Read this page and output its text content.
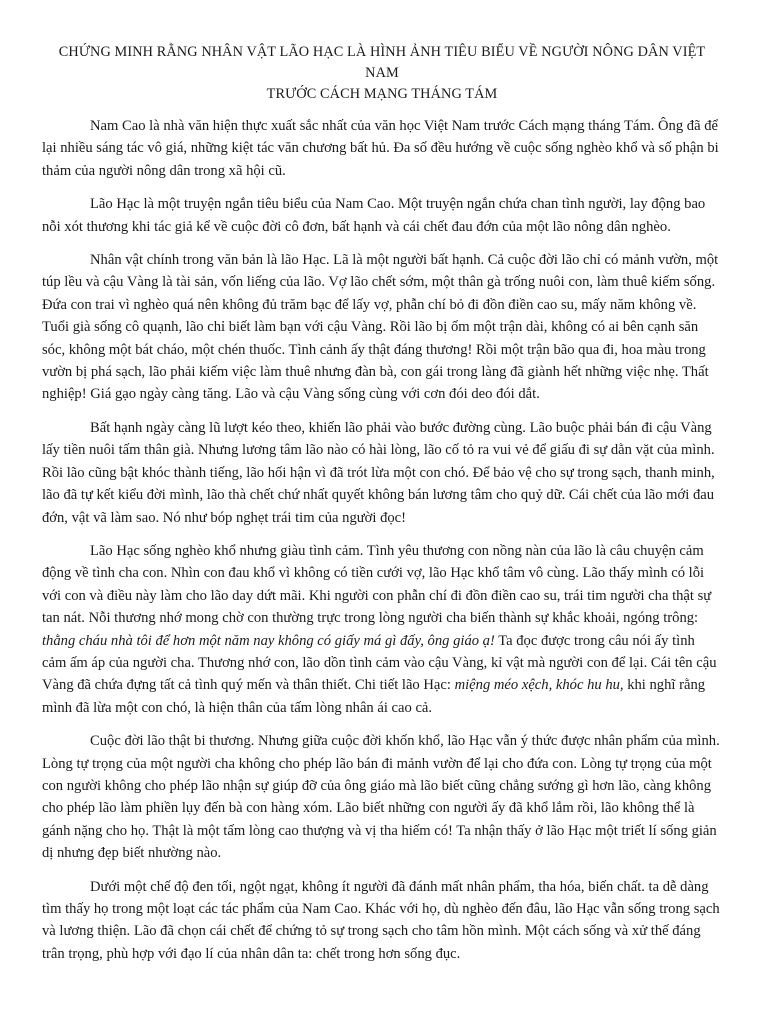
CHỨNG MINH RẰNG NHÂN VẬT LÃO HẠC LÀ HÌNH ẢNH TIÊU BIỂU VỀ NGƯỜI NÔNG DÂN VIỆT NAM
TRƯỚC CÁCH MẠNG THÁNG TÁM

Nam Cao là nhà văn hiện thực xuất sắc nhất của văn học Việt Nam trước Cách mạng tháng Tám. Ông đã để lại nhiều sáng tác vô giá, những kiệt tác văn chương bất hủ. Đa số đều hướng về cuộc sống nghèo khổ và số phận bi thảm của người nông dân trong xã hội cũ.

Lão Hạc là một truyện ngắn tiêu biểu của Nam Cao. Một truyện ngắn chứa chan tình người, lay động bao nỗi xót thương khi tác giả kể về cuộc đời cô đơn, bất hạnh và cái chết đau đớn của một lão nông dân nghèo.

Nhân vật chính trong văn bản là lão Hạc. Lã là một người bất hạnh. Cả cuộc đời lão chỉ có mảnh vườn, một túp lều và cậu Vàng là tài sản, vốn liếng của lão. Vợ lão chết sớm, một thân gà trống nuôi con, làm thuê kiếm sống. Đứa con trai vì nghèo quá nên không đủ trăm bạc để lấy vợ, phẫn chí bỏ đi đồn điền cao su, mấy năm không về. Tuổi già sống cô quạnh, lão chỉ biết làm bạn với cậu Vàng. Rồi lão bị ốm một trận dài, không có ai bên cạnh săn sóc, không một bát cháo, một chén thuốc. Tình cảnh ấy thật đáng thương! Rồi một trận bão qua đi, hoa màu trong vườn bị phá sạch, lão phải kiếm việc làm thuê nhưng đàn bà, con gái trong làng đã giành hết những việc nhẹ. Thất nghiệp! Giá gạo ngày càng tăng. Lão và cậu Vàng sống cùng với cơn đói deo đói dắt.

Bất hạnh ngày càng lũ lượt kéo theo, khiến lão phải vào bước đường cùng. Lão buộc phải bán đi cậu Vàng lấy tiền nuôi tấm thân già. Nhưng lương tâm lão nào có hài lòng, lão cố tỏ ra vui vẻ để giấu đi sự dằn vặt của mình. Rồi lão cũng bật khóc thành tiếng, lão hối hận vì đã trót lừa một con chó. Để bảo vệ cho sự trong sạch, thanh minh, lão đã tự kết kiểu đời mình, lão thà chết chứ nhất quyết không bán lương tâm cho quỷ dữ. Cái chết của lão mới đau đớn, vật vã làm sao. Nó như bóp nghẹt trái tim của người đọc!

Lão Hạc sống nghèo khổ nhưng giàu tình cảm. Tình yêu thương con nồng nàn của lão là câu chuyện cảm động về tình cha con. Nhìn con đau khổ vì không có tiền cưới vợ, lão Hạc khổ tâm vô cùng. Lão thấy mình có lỗi với con và điều này làm cho lão day dứt mãi. Khi người con phẫn chí đi đồn điền cao su, trái tim người cha thật sự tan nát. Nỗi thương nhớ mong chờ con thường trực trong lòng người cha biến thành sự khắc khoải, ngóng trông: thằng cháu nhà tôi để hơn một năm nay không có giấy má gì đấy, ông giáo ạ! Ta đọc được trong câu nói ấy tình cảm ấm áp của người cha. Thương nhớ con, lão dồn tình cảm vào cậu Vàng, kỉ vật mà người con để lại. Cái tên cậu Vàng đã chứa đựng tất cả tình quý mến và thân thiết. Chi tiết lão Hạc: miệng méo xệch, khóc hu hu, khi nghĩ rằng mình đã lừa một con chó, là hiện thân của tấm lòng nhân ái cao cả.

Cuộc đời lão thật bi thương. Nhưng giữa cuộc đời khốn khổ, lão Hạc vẫn ý thức được nhân phẩm của mình. Lòng tự trọng của một người cha không cho phép lão bán đi mảnh vườn để lại cho đứa con. Lòng tự trọng của một con người không cho phép lão nhận sự giúp đỡ của ông giáo mà lão biết cũng chẳng sướng gì hơn lão, càng không cho phép lão làm phiền lụy đến bà con hàng xóm. Lão biết những con người ấy đã khổ lắm rồi, lão không thể là gánh nặng cho họ. Thật là một tấm lòng cao thượng và vị tha hiếm có! Ta nhận thấy ở lão Hạc một triết lí sống giản dị nhưng đẹp biết nhường nào.

Dưới một chế độ đen tối, ngột ngạt, không ít người đã đánh mất nhân phẩm, tha hóa, biến chất. ta dễ dàng tìm thấy họ trong một loạt các tác phẩm của Nam Cao. Khác với họ, dù nghèo đến đâu, lão Hạc vẫn sống trong sạch và lương thiện. Lão đã chọn cái chết để chứng tỏ sự trong sạch cho tâm hồn mình. Một cách sống và xử thế đáng trân trọng, phù hợp với đạo lí của nhân dân ta: chết trong hơn sống đục.
